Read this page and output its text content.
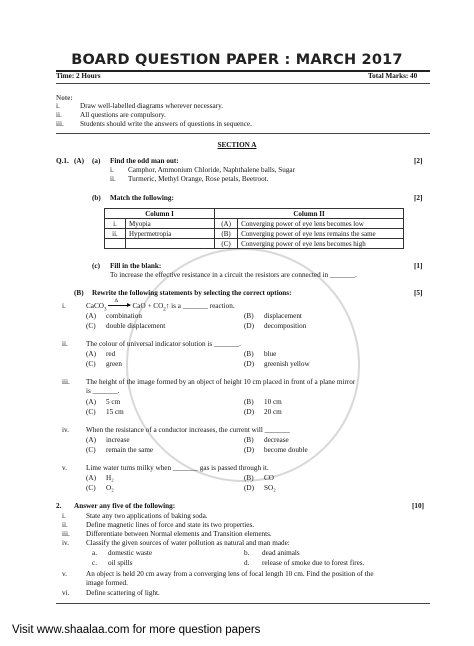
BOARD QUESTION PAPER : MARCH 2017
Time: 2 Hours	Total Marks: 40
Note:
i.	Draw well-labelled diagrams wherever necessary.
ii.	All questions are compulsory.
iii. Students should write the answers of questions in sequence.
SECTION A
Q.1. (A) (a) Find the odd man out:	[2]
i. Camphor, Ammonium Chloride, Naphthalene balls, Sugar
ii. Turmeric, Methyl Orange, Rose petals, Beetroot.
(b) Match the following:	[2]
Column I		Column II	
i.	Myopia	(A)	Converging power of eye lens becomes low
ii.	Hypermetropia	(B)	Converging power of eye lens remains the same
		(C)	Converging power of eye lens becomes high
(c) Fill in the blank:	[1]
To increase the effective resistance in a circuit the resistors are connected in _______.
(B) Rewrite the following statements by selecting the correct options:	[5]
i.	CaCO$_3$
Δ
CaO + $CO_2↑$ is a _______ reaction.
(A) combination	(B) displacement
(C) double displacement	(D) decomposition
ii.	The colour of universal indicator solution is _______.
(A) red	(B) blue
(C) green	(D) greenish yellow
iii. The height of the image formed by an object of height 10 cm placed in front of a plane mirror
is _______.
(A) 5 cm	(B) 10 cm
(C) 15 cm	(D) 20 cm
iv. When the resistance of a conductor increases, the current will _______
(A) increase	(B) decrease
(C) remain the same	(D) become double
v.	Lime water turns milky when _______ gas is passed through it.
(A) H₂	(B) CO
(C) O₂	(D) SO₂
2. Answer any five of the following:	[10]
i.	State any two applications of baking soda.
ii.	Define magnetic lines of force and state its two properties.
iii. Differentiate between Normal elements and Transition elements.
iv. Classify the given sources of water pollution as natural and man made:
a. domestic waste	b. dead animals
c. oil spills	d. release of smoke due to forest fires.
v.	An object is held 20 cm away from a converging lens of focal length 10 cm. Find the position of the
image formed.
vi. Define scattering of light.
Visit www.shaalaa.com for more question papers
